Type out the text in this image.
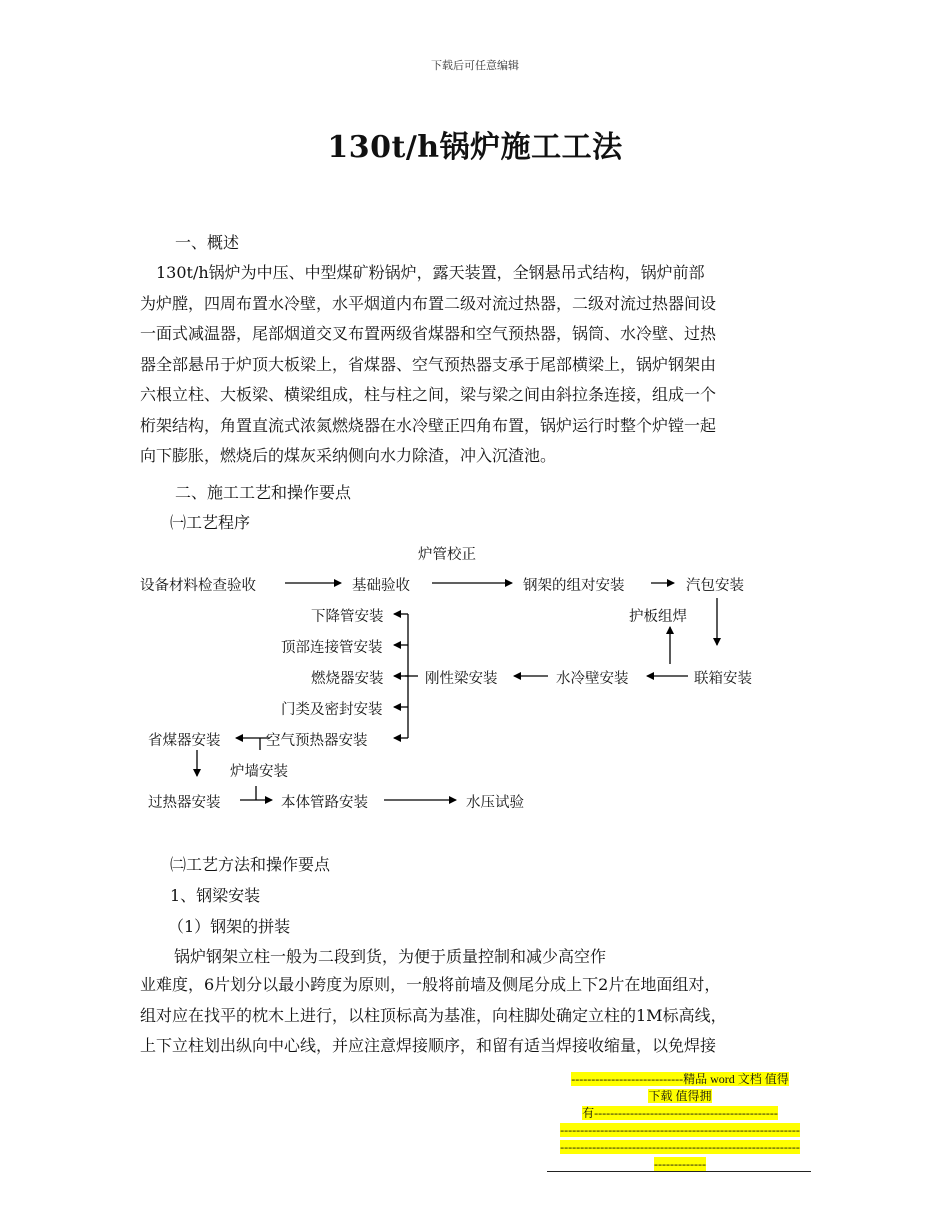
下载后可任意编辑
130t/h锅炉施工工法
一、概述
　130t/h锅炉为中压、中型煤矿粉锅炉，露天装置，全钢悬吊式结构，锅炉前部
为炉膛，四周布置水冷壁，水平烟道内布置二级对流过热器，二级对流过热器间设
一面式减温器，尾部烟道交叉布置两级省煤器和空气预热器，锅筒、水冷壁、过热
器全部悬吊于炉顶大板梁上，省煤器、空气预热器支承于尾部横梁上，锅炉钢架由
六根立柱、大板梁、横梁组成，柱与柱之间，梁与梁之间由斜拉条连接，组成一个
桁架结构，角置直流式浓氮燃烧器在水冷壁正四角布置，锅炉运行时整个炉镗一起
向下膨胀，燃烧后的煤灰采纳侧向水力除渣，冲入沉渣池。
二、施工工艺和操作要点
㈠工艺程序
炉管校正
设备材料检查验收	基础验收	钢架的组对安装	汽包安装
下降管安装	护板组焊
顶部连接管安装
燃烧器安装	刚性梁安装	水冷壁安装	联箱安装
门类及密封安装
省煤器安装	空气预热器安装
炉墙安装
过热器安装	本体管路安装	水压试验
㈡工艺方法和操作要点
1、钢梁安装
（1）钢架的拼装
　锅炉钢架立柱一般为二段到货，为便于质量控制和减少高空作
业难度，6片划分以最小跨度为原则，一般将前墙及侧尾分成上下2片在地面组对，
组对应在找平的枕木上进行，以柱顶标高为基准，向柱脚处确定立柱的1M标高线，
上下立柱划出纵向中心线，并应注意焊接顺序，和留有适当焊接收缩量，以免焊接
----------------------------精品 word 文档 值得
下载 值得拥
有----------------------------------------------
------------------------------------------------------------
------------------------------------------------------------
-------------
